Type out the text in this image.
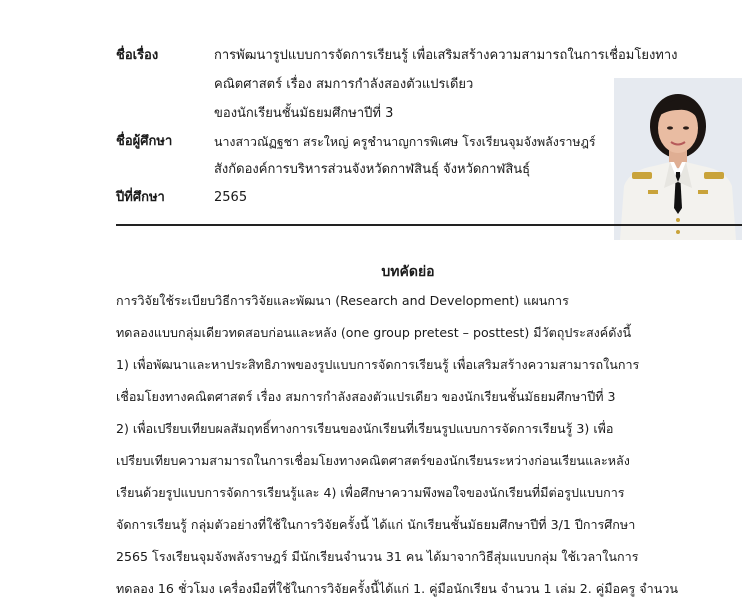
ชื่อเรื่อง	การพัฒนารูปแบบการจัดการเรียนรู้ เพื่อเสริมสร้างความสามารถในการเชื่อมโยงทาง
คณิตศาสตร์ เรื่อง สมการกำลังสองตัวแปรเดียว
ของนักเรียนชั้นมัธยมศึกษาปีที่ 3
ชื่อผู้ศึกษา	นางสาวณัฏฐชา สระใหญ่ ครูชำนาญการพิเศษ โรงเรียนจุมจังพลังราษฎร์
สังกัดองค์การบริหารส่วนจังหวัดกาฬสินธุ์ จังหวัดกาฬสินธุ์
ปีที่ศึกษา	2565
บทคัดย่อ
การวิจัยใช้ระเบียบวิธีการวิจัยและพัฒนา (Research and Development) แผนการ
ทดลองแบบกลุ่มเดียวทดสอบก่อนและหลัง (one group pretest – posttest) มีวัตถุประสงค์ดังนี้
1) เพื่อพัฒนาและหาประสิทธิภาพของรูปแบบการจัดการเรียนรู้ เพื่อเสริมสร้างความสามารถในการ
เชื่อมโยงทางคณิตศาสตร์ เรื่อง สมการกำลังสองตัวแปรเดียว ของนักเรียนชั้นมัธยมศึกษาปีที่ 3
2) เพื่อเปรียบเทียบผลสัมฤทธิ์ทางการเรียนของนักเรียนที่เรียนรูปแบบการจัดการเรียนรู้ 3) เพื่อ
เปรียบเทียบความสามารถในการเชื่อมโยงทางคณิตศาสตร์ของนักเรียนระหว่างก่อนเรียนและหลัง
เรียนด้วยรูปแบบการจัดการเรียนรู้และ 4) เพื่อศึกษาความพึงพอใจของนักเรียนที่มีต่อรูปแบบการ
จัดการเรียนรู้ กลุ่มตัวอย่างที่ใช้ในการวิจัยครั้งนี้ ได้แก่ นักเรียนชั้นมัธยมศึกษาปีที่ 3/1 ปีการศึกษา
2565 โรงเรียนจุมจังพลังราษฎร์ มีนักเรียนจำนวน 31 คน ได้มาจากวิธีสุ่มแบบกลุ่ม ใช้เวลาในการ
ทดลอง 16 ชั่วโมง เครื่องมือที่ใช้ในการวิจัยครั้งนี้ได้แก่ 1. คู่มือนักเรียน จำนวน 1 เล่ม 2. คู่มือครู จำนวน
